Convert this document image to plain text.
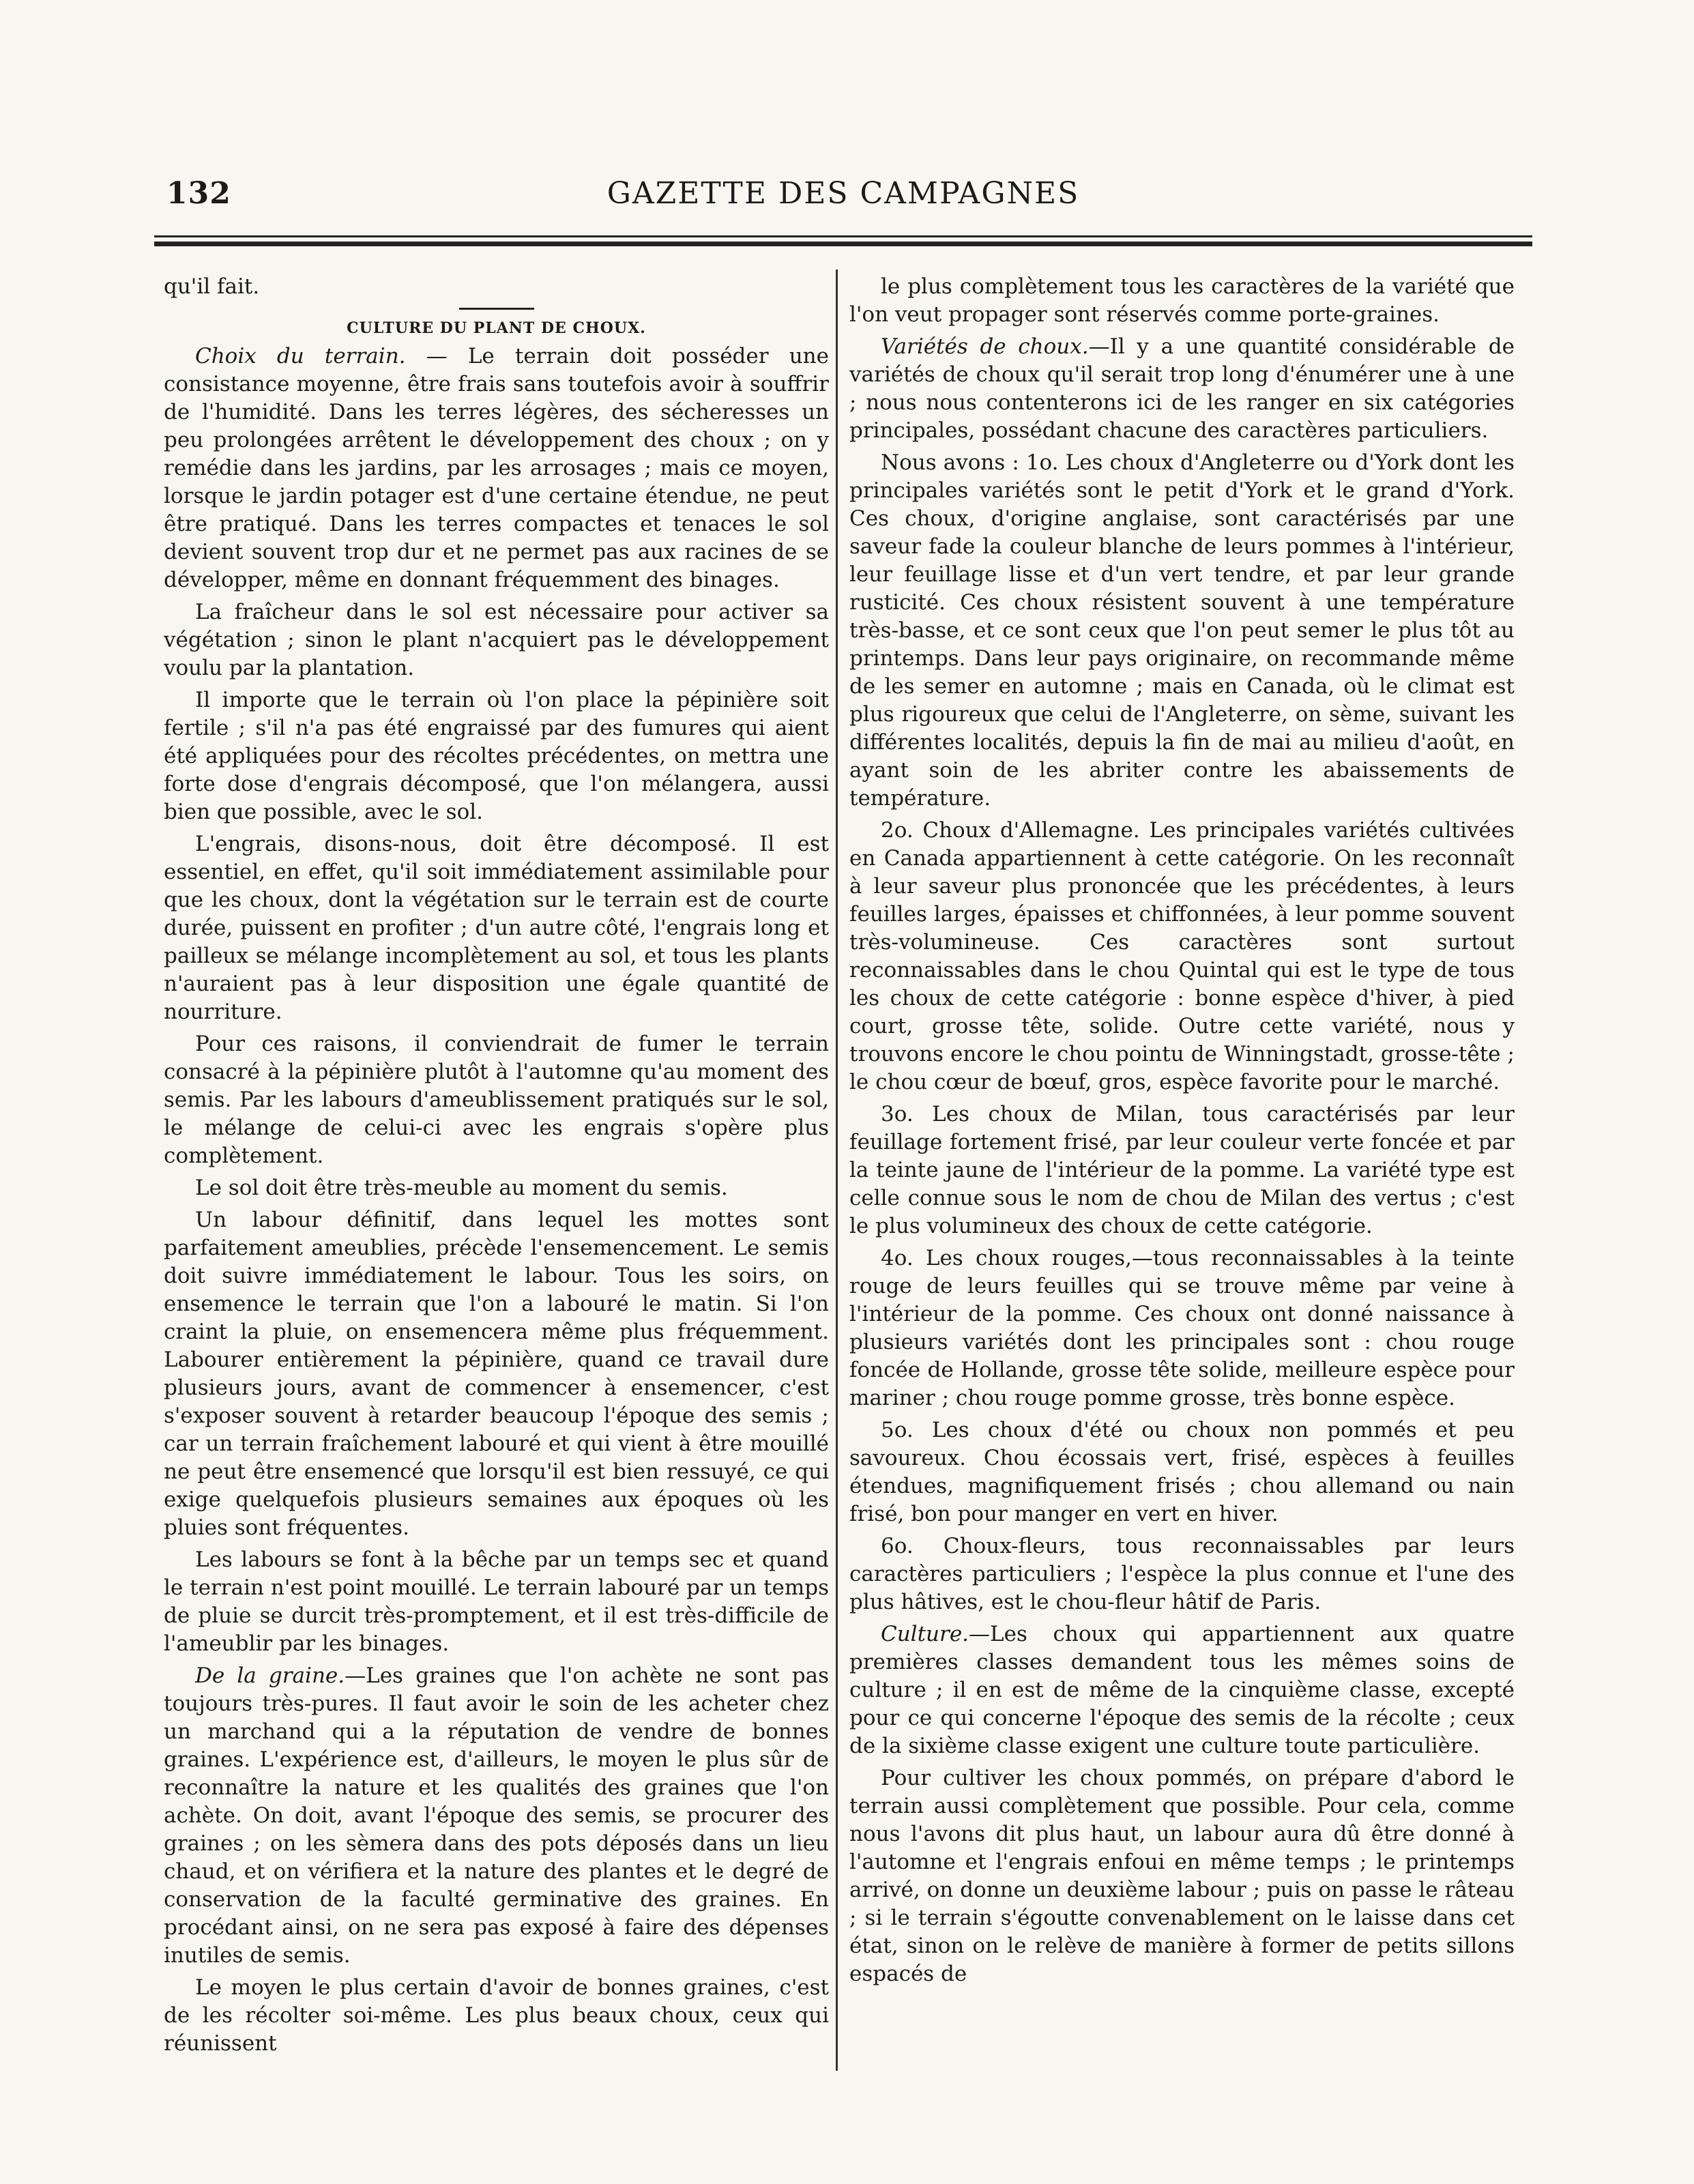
132	GAZETTE DES CAMPAGNES

qu'il fait.

CULTURE DU PLANT DE CHOUX.

Choix du terrain. — Le terrain doit posséder une consistance moyenne, être frais sans toutefois avoir à souffrir de l'humidité. Dans les terres légères, des sécheresses un peu prolongées arrêtent le développement des choux ; on y remédie dans les jardins, par les arrosages ; mais ce moyen, lorsque le jardin potager est d'une certaine étendue, ne peut être pratiqué. Dans les terres compactes et tenaces le sol devient souvent trop dur et ne permet pas aux racines de se développer, même en donnant fréquemment des binages.

La fraîcheur dans le sol est nécessaire pour activer sa végétation ; sinon le plant n'acquiert pas le développement voulu par la plantation.

Il importe que le terrain où l'on place la pépinière soit fertile ; s'il n'a pas été engraissé par des fumures qui aient été appliquées pour des récoltes précédentes, on mettra une forte dose d'engrais décomposé, que l'on mélangera, aussi bien que possible, avec le sol.

L'engrais, disons-nous, doit être décomposé. Il est essentiel, en effet, qu'il soit immédiatement assimilable pour que les choux, dont la végétation sur le terrain est de courte durée, puissent en profiter ; d'un autre côté, l'engrais long et pailleux se mélange incomplètement au sol, et tous les plants n'auraient pas à leur disposition une égale quantité de nourriture.

Pour ces raisons, il conviendrait de fumer le terrain consacré à la pépinière plutôt à l'automne qu'au moment des semis. Par les labours d'ameublissement pratiqués sur le sol, le mélange de celui-ci avec les engrais s'opère plus complètement.

Le sol doit être très-meuble au moment du semis.

Un labour définitif, dans lequel les mottes sont parfaitement ameublies, précède l'ensemencement. Le semis doit suivre immédiatement le labour. Tous les soirs, on ensemence le terrain que l'on a labouré le matin. Si l'on craint la pluie, on ensemencera même plus fréquemment. Labourer entièrement la pépinière, quand ce travail dure plusieurs jours, avant de commencer à ensemencer, c'est s'exposer souvent à retarder beaucoup l'époque des semis ; car un terrain fraîchement labouré et qui vient à être mouillé ne peut être ensemencé que lorsqu'il est bien ressuyé, ce qui exige quelquefois plusieurs semaines aux époques où les pluies sont fréquentes.

Les labours se font à la bêche par un temps sec et quand le terrain n'est point mouillé. Le terrain labouré par un temps de pluie se durcit très-promptement, et il est très-difficile de l'ameublir par les binages.

De la graine.—Les graines que l'on achète ne sont pas toujours très-pures. Il faut avoir le soin de les acheter chez un marchand qui a la réputation de vendre de bonnes graines. L'expérience est, d'ailleurs, le moyen le plus sûr de reconnaître la nature et les qualités des graines que l'on achète. On doit, avant l'époque des semis, se procurer des graines ; on les sèmera dans des pots déposés dans un lieu chaud, et on vérifiera et la nature des plantes et le degré de conservation de la faculté germinative des graines. En procédant ainsi, on ne sera pas exposé à faire des dépenses inutiles de semis.

Le moyen le plus certain d'avoir de bonnes graines, c'est de les récolter soi-même. Les plus beaux choux, ceux qui réunissent

le plus complètement tous les caractères de la variété que l'on veut propager sont réservés comme porte-graines.

Variétés de choux.—Il y a une quantité considérable de variétés de choux qu'il serait trop long d'énumérer une à une ; nous nous contenterons ici de les ranger en six catégories principales, possédant chacune des caractères particuliers.

Nous avons : 1o. Les choux d'Angleterre ou d'York dont les principales variétés sont le petit d'York et le grand d'York. Ces choux, d'origine anglaise, sont caractérisés par une saveur fade la couleur blanche de leurs pommes à l'intérieur, leur feuillage lisse et d'un vert tendre, et par leur grande rusticité. Ces choux résistent souvent à une température très-basse, et ce sont ceux que l'on peut semer le plus tôt au printemps. Dans leur pays originaire, on recommande même de les semer en automne ; mais en Canada, où le climat est plus rigoureux que celui de l'Angleterre, on sème, suivant les différentes localités, depuis la fin de mai au milieu d'août, en ayant soin de les abriter contre les abaissements de température.

2o. Choux d'Allemagne. Les principales variétés cultivées en Canada appartiennent à cette catégorie. On les reconnaît à leur saveur plus prononcée que les précédentes, à leurs feuilles larges, épaisses et chiffonnées, à leur pomme souvent très-volumineuse. Ces caractères sont surtout reconnaissables dans le chou Quintal qui est le type de tous les choux de cette catégorie : bonne espèce d'hiver, à pied court, grosse tête, solide. Outre cette variété, nous y trouvons encore le chou pointu de Winningstadt, grosse-tête ; le chou cœur de bœuf, gros, espèce favorite pour le marché.

3o. Les choux de Milan, tous caractérisés par leur feuillage fortement frisé, par leur couleur verte foncée et par la teinte jaune de l'intérieur de la pomme. La variété type est celle connue sous le nom de chou de Milan des vertus ; c'est le plus volumineux des choux de cette catégorie.

4o. Les choux rouges,—tous reconnaissables à la teinte rouge de leurs feuilles qui se trouve même par veine à l'intérieur de la pomme. Ces choux ont donné naissance à plusieurs variétés dont les principales sont : chou rouge foncée de Hollande, grosse tête solide, meilleure espèce pour mariner ; chou rouge pomme grosse, très bonne espèce.

5o. Les choux d'été ou choux non pommés et peu savoureux. Chou écossais vert, frisé, espèces à feuilles étendues, magnifiquement frisés ; chou allemand ou nain frisé, bon pour manger en vert en hiver.

6o. Choux-fleurs, tous reconnaissables par leurs caractères particuliers ; l'espèce la plus connue et l'une des plus hâtives, est le chou-fleur hâtif de Paris.

Culture.—Les choux qui appartiennent aux quatre premières classes demandent tous les mêmes soins de culture ; il en est de même de la cinquième classe, excepté pour ce qui concerne l'époque des semis de la récolte ; ceux de la sixième classe exigent une culture toute particulière.

Pour cultiver les choux pommés, on prépare d'abord le terrain aussi complètement que possible. Pour cela, comme nous l'avons dit plus haut, un labour aura dû être donné à l'automne et l'engrais enfoui en même temps ; le printemps arrivé, on donne un deuxième labour ; puis on passe le râteau ; si le terrain s'égoutte convenablement on le laisse dans cet état, sinon on le relève de manière à former de petits sillons espacés de
